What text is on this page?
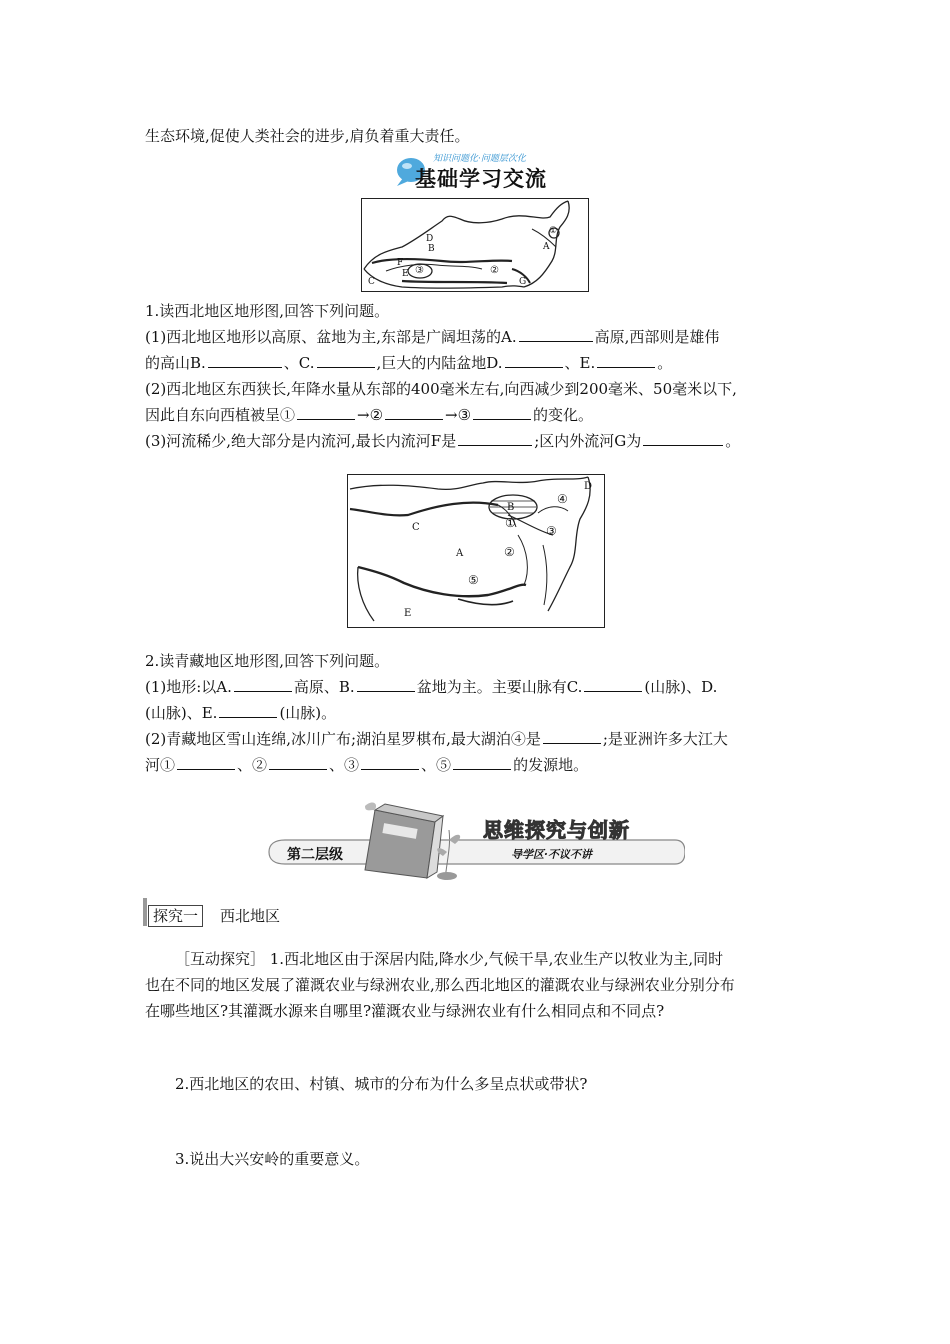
生态环境,促使人类社会的进步,肩负着重大责任。
知识问题化·问题层次化
基础学习交流
D
B	A
①
F
E ③	②
C	G
1.读西北地区地形图,回答下列问题。
(1)西北地区地形以高原、盆地为主,东部是广阔坦荡的A.	高原,西部则是雄伟
的高山B.	、C.	,巨大的内陆盆地D.	、E.	。
(2)西北地区东西狭长,年降水量从东部的400毫米左右,向西减少到200毫米、50毫米以下,
因此自东向西植被呈①	→②	→③	的变化。
(3)河流稀少,绝大部分是内流河,最长内流河F是	;区内外流河G为	。
D
B
④
①
C	③
A	②
⑤
E
2.读青藏地区地形图,回答下列问题。
(1)地形:以A.	高原、B.	盆地为主。主要山脉有C.	(山脉)、D.
(山脉)、E.	(山脉)。
(2)青藏地区雪山连绵,冰川广布;湖泊星罗棋布,最大湖泊④是	;是亚洲许多大江大
河①	、②	、③	、⑤	的发源地。
第二层级
思维探究与创新
导学区·不议不讲
探究一	西北地区
［互动探究］ 1.西北地区由于深居内陆,降水少,气候干旱,农业生产以牧业为主,同时
也在不同的地区发展了灌溉农业与绿洲农业,那么西北地区的灌溉农业与绿洲农业分别分布
在哪些地区?其灌溉水源来自哪里?灌溉农业与绿洲农业有什么相同点和不同点?
2.西北地区的农田、村镇、城市的分布为什么多呈点状或带状?
3.说出大兴安岭的重要意义。
